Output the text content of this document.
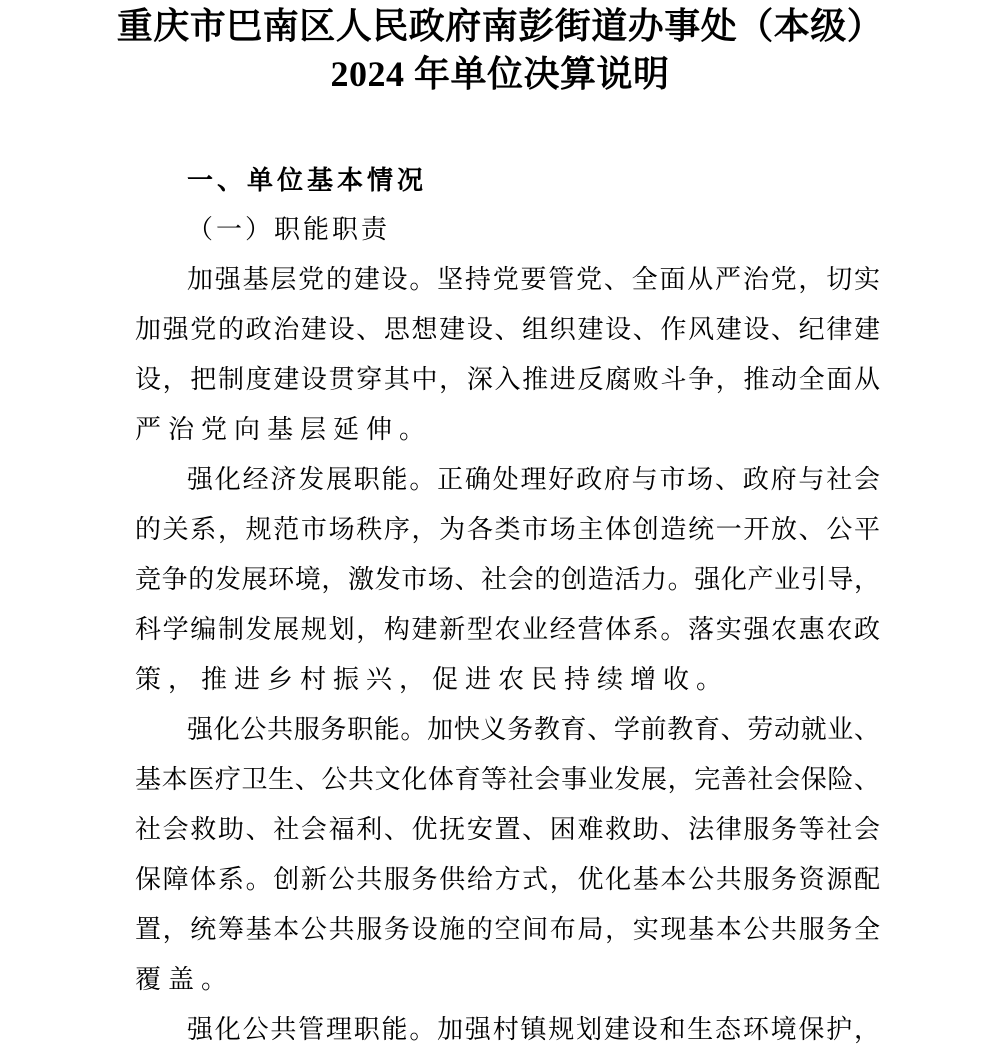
重庆市巴南区人民政府南彭街道办事处（本级）
2024 年单位决算说明
一、单位基本情况
（一）职能职责
加强基层党的建设。坚持党要管党、全面从严治党，切实
加强党的政治建设、思想建设、组织建设、作风建设、纪律建
设，把制度建设贯穿其中，深入推进反腐败斗争，推动全面从
严治党向基层延伸。
强化经济发展职能。正确处理好政府与市场、政府与社会
的关系，规范市场秩序，为各类市场主体创造统一开放、公平
竞争的发展环境，激发市场、社会的创造活力。强化产业引导，
科学编制发展规划，构建新型农业经营体系。落实强农惠农政
策，推进乡村振兴，促进农民持续增收。
强化公共服务职能。加快义务教育、学前教育、劳动就业、
基本医疗卫生、公共文化体育等社会事业发展，完善社会保险、
社会救助、社会福利、优抚安置、困难救助、法律服务等社会
保障体系。创新公共服务供给方式，优化基本公共服务资源配
置，统筹基本公共服务设施的空间布局，实现基本公共服务全
覆盖。
强化公共管理职能。加强村镇规划建设和生态环境保护，
